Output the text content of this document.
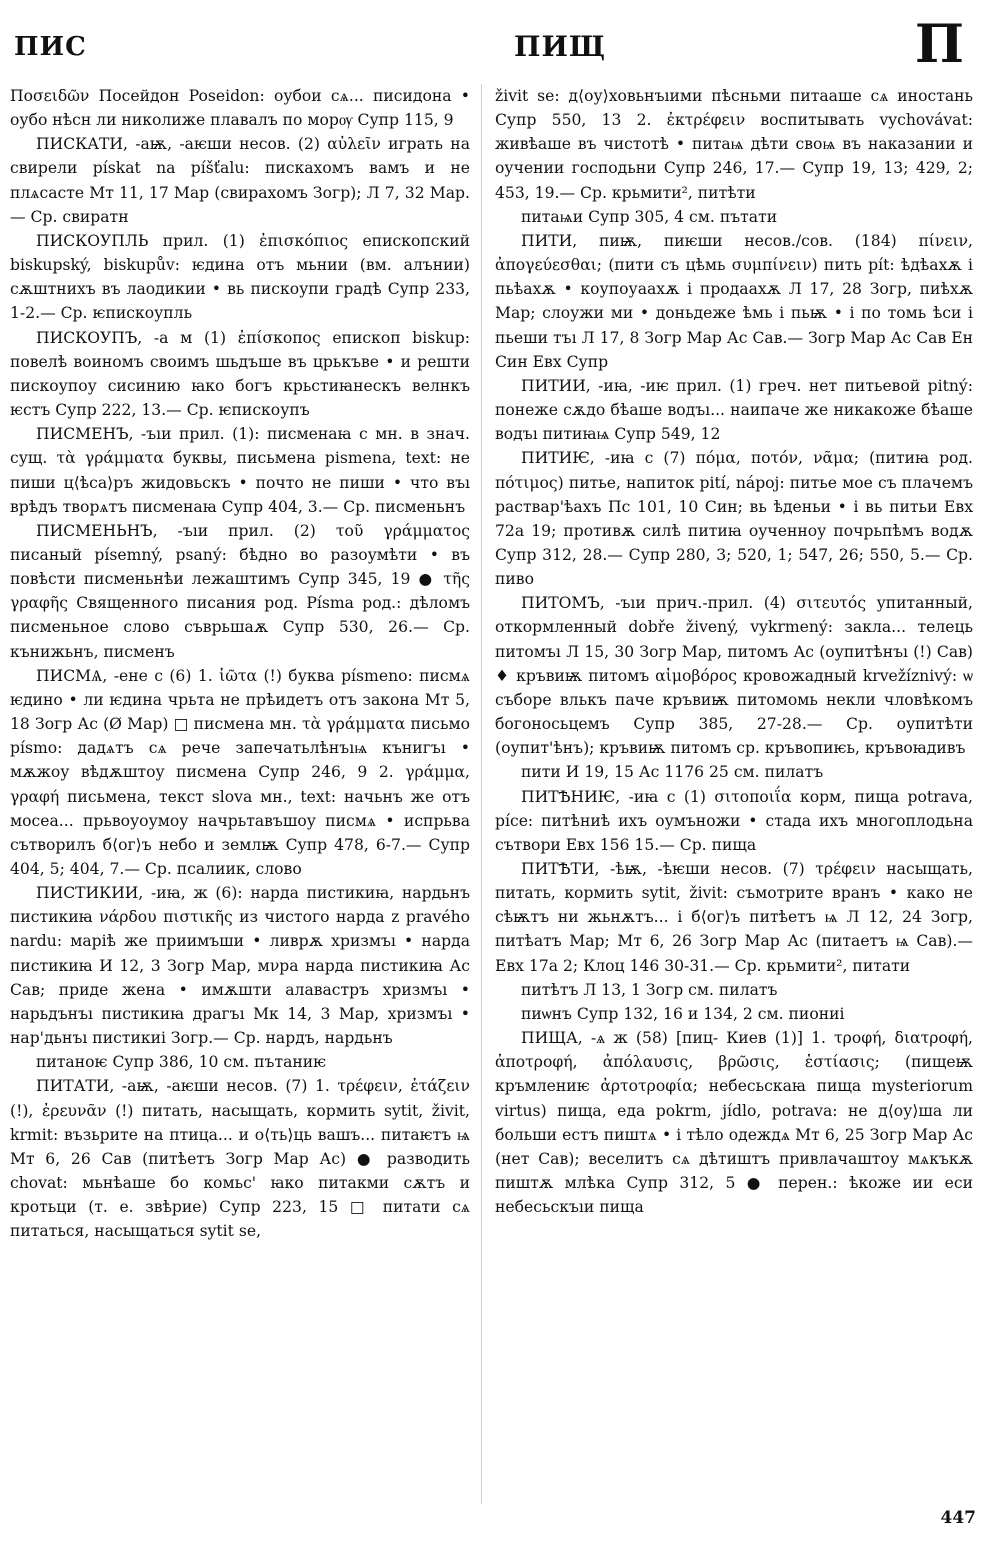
ПИС	ПИЩ	П

Ποσειδῶν Посейдон Poseidon: оубои сѧ... писидона • оубо нѣсн ли николиже плавалъ по морѹ Супр 115, 9

ПИСКАТИ, -аѭ, -аѥши несов. (2) αὐλεῖν играть на свирели pískat na píšťalu: пискахомъ вамъ и не плѧсасте Мт 11, 17 Мар (свирахомъ Зогр); Л 7, 32 Мар.— Ср. свиратн

ПИСКОУПЛЬ прил. (1) ἐπισκόπιος епископский biskupský, biskupův: ѥдина отъ мьнии (вм. алънии) сѫштнихъ въ лаодикии • вь пискоупи градѣ Супр 233, 1-2.— Ср. ѥпискоупль

ПИСКОУПЪ, -а м (1) ἐπίσκοπος епископ biskup: повелѣ воиномъ своимъ шьдъше въ црькъве • и решти пискоупоу сисинию ꙗко богъ крьстиꙗнескъ велнкъ ѥстъ Супр 222, 13.— Ср. ѥпискоупъ

ПИСМЕНЪ, -ъıи прил. (1): писменаꙗ с мн. в знач. сущ. τὰ γράμματα буквы, письмена pismena, text: не пиши ц⟨ѣса⟩ръ жидовьскъ • почто не пиши • что въı врѣдъ творѧтъ писменаꙗ Супр 404, 3.— Ср. писменьнъ

ПИСМЕНЬНЪ, -ъıи прил. (2) τοῦ γράμματος писаный písemný, psaný: бѣдно во разоумѣти • въ повѣсти писменьнѣи лежаштимъ Супр 345, 19 ● τῆς γραφῆς Священного писания род. Písma род.: дѣломъ писменьное слово съврьшаѫ Супр 530, 26.— Ср. кънижьнъ, писменъ

ПИСМѦ, -ене с (6) 1. ἰῶτα (!) буква písmeno: писмѧ ѥдино • ли ѥдина чрьта не прѣидетъ отъ закона Мт 5, 18 Зогр Ас (Ø Мар) □ писмена мн. τὰ γράμματα письмо písmo: дадѧтъ сѧ рече запечатьлѣнъıѩ кънигъı • мѫжоу вѣдѫштоу писмена Супр 246, 9 2. γράμμα, γραφή письмена, текст slova мн., text: начьнъ же отъ мосеа... прьвоуоумоу начрьтавъшоу писмѧ • испрьва сътворилъ б⟨ог⟩ъ небо и землѭ Супр 478, 6-7.— Супр 404, 5; 404, 7.— Ср. псалиик, слово

ПИСТИКИИ, -иꙗ, ж (6): нарда пистикиꙗ, нардьнъ пистикиꙗ νάρδου πιστικῆς из чистого нарда z pravého nardu: маріѣ же приимъши • ливрѫ хризмъı • нарда пистикиꙗ И 12, 3 Зогр Мар, мνра нарда пистикиꙗ Ас Сав; приде жена • имѫшти алавастръ хризмъı • нарьдънъı пистикиꙗ драгъı Мк 14, 3 Мар, хризмъı • нар'дьнъı пистикиі Зогр.— Ср. нардъ, нардьнъ

питаноѥ Супр 386, 10 см. пътаниѥ

ПИТАТИ, -аѭ, -аѥши несов. (7) 1. τρέφειν, ἐτάζειν (!), ἐρευνᾶν (!) питать, насыщать, кормить sytit, živit, krmit: възьрите на птица... и о⟨ть⟩ць вашъ... питаѥтъ ѩ Мт 6, 26 Сав (питѣетъ Зогр Мар Ас) ● разводить chovat: мьнѣаше бо комьс' ꙗко питакми сѫтъ и кротьци (т. е. звѣрие) Супр 223, 15 □ питати сѧ питаться, насыщаться sytit se,

živit se: д⟨оу⟩ховьнъıими пѣсньми питааше сѧ иностань Супр 550, 13 2. ἐκτρέφειν воспитывать vychovávat: живѣаше въ чистотѣ • питаѩ дѣти своѩ въ наказании и оучении господьни Супр 246, 17.— Супр 19, 13; 429, 2; 453, 19.— Ср. крьмити², питѣти

питаѩи Супр 305, 4 см. пътати

ПИТИ, пиѭ, пиѥши несов./сов. (184) πίνειν, ἀπογεύεσθαι; (пити съ цѣмь συμπίνειν) пить pít: ѣдѣахѫ і пьѣахѫ • коупоуаахѫ і продаахѫ Л 17, 28 Зогр, пиѣхѫ Мар; слоужи ми • доньдеже ѣмь і пьѭ • і по томь ѣси і пьеши тъı Л 17, 8 Зогр Мар Ас Сав.— Зогр Мар Ас Сав Ен Син Евх Супр

ПИТИИ, -иꙗ, -иѥ прил. (1) греч. нет питьевой pitný: понеже сѫдо бѣаше водъı... наипаче же никакоже бѣаше водъı питиꙗѩ Супр 549, 12

ПИТИѤ, -иꙗ с (7) πόμα, ποτόν, νᾶμα; (питиꙗ род. πότιμος) питье, напиток pití, nápoj: питье мое съ плачемъ раствар'ѣахъ Пс 101, 10 Син; вь ѣденьи • і вь питьи Евх 72а 19; противѫ силѣ питиꙗ оученноу почрьпѣмъ водѫ Супр 312, 28.— Супр 280, 3; 520, 1; 547, 26; 550, 5.— Ср. пиво

ПИТОМЪ, -ъıи прич.-прил. (4) σιτευτός упитанный, откормленный dobře živený, vykrmený: закла... телець питомъı Л 15, 30 Зогр Мар, питомъ Ас (оупитѣнъı (!) Сав) ♦ кръвиѭ питомъ αἱμοβόρος кровожадный krvežíznivý: ѡ съборе влькъ паче кръвиѭ питомомь некли чловѣкомъ богоносьцемъ Супр 385, 27-28.— Ср. оупитѣти (оупит'ѣнъ); кръвиѭ питомъ ср. кръвопиѥь, кръвоꙗдивъ

пити И 19, 15 Ас 1176 25 см. пилатъ

ПИТѢНИѤ, -иꙗ с (1) σιτοποιΐα корм, пища potrava, píce: питѣниѣ ихъ оумъножи • стада ихъ многоплодьна сътвори Евх 156 15.— Ср. пища

ПИТѢТИ, -ѣѭ, -ѣѥши несов. (7) τρέφειν насыщать, питать, кормить sytit, živit: съмотрите вранъ • како не сѣѭтъ ни жьнѫтъ... і б⟨ог⟩ъ питѣетъ ѩ Л 12, 24 Зогр, питѣатъ Мар; Мт 6, 26 Зогр Мар Ас (питаетъ ѩ Сав).— Евх 17а 2; Клоц 146 30-31.— Ср. крьмити², питати

питѣтъ Л 13, 1 Зогр см. пилатъ

пиѡнъ Супр 132, 16 и 134, 2 см. пиониі

ПИЩА, -ѧ ж (58) [пиц- Киев (1)] 1. τροφή, διατροφή, ἀποτροφή, ἀπόλαυσις, βρῶσις, ἑστίασις; (пищеѭ кръмлениѥ ἀρτοτροφία; небесьскаꙗ пища mysteriorum virtus) пища, еда pokrm, jídlo, potrava: не д⟨оу⟩ша ли больши естъ пиштѧ • і тѣло одеждѧ Мт 6, 25 Зогр Мар Ас (нет Сав); веселитъ сѧ дѣтиштъ привлачаштоу мѧкъкѫ пиштѫ млѣка Супр 312, 5 ● перен.: ѣкоже ии еси небесьскъıи пища

447
